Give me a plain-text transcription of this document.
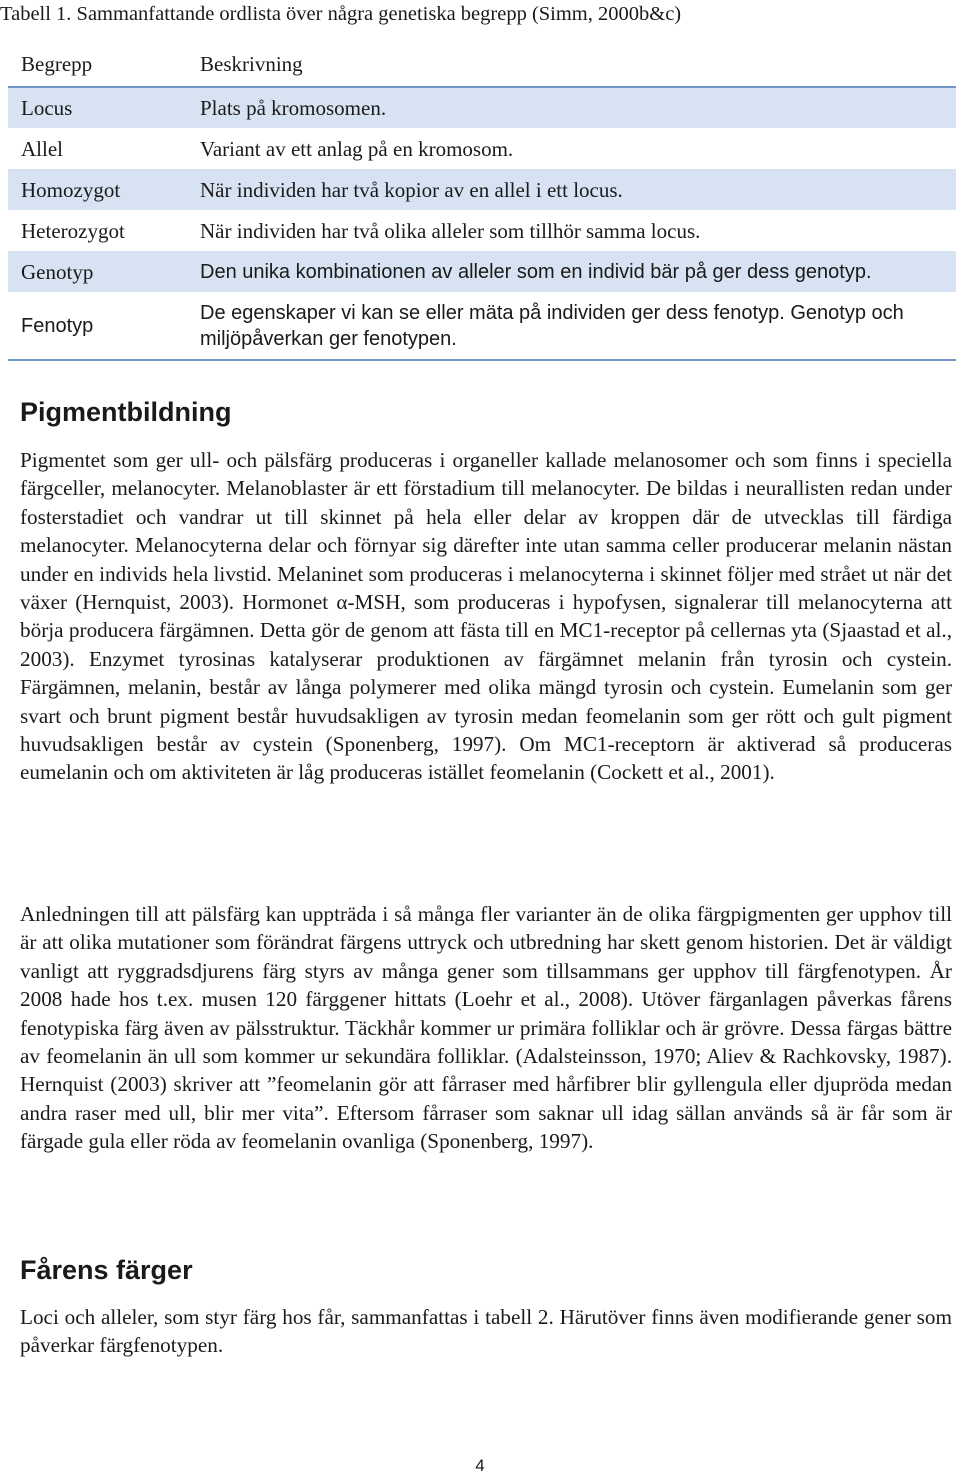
Tabell 1. Sammanfattande ordlista över några genetiska begrepp (Simm, 2000b&c)
Begrepp	Beskrivning
Locus	Plats på kromosomen.
Allel	Variant av ett anlag på en kromosom.
Homozygot	När individen har två kopior av en allel i ett locus.
Heterozygot	När individen har två olika alleler som tillhör samma locus.
Genotyp	Den unika kombinationen av alleler som en individ bär på ger dess genotyp.
Fenotyp	De egenskaper vi kan se eller mäta på individen ger dess fenotyp. Genotyp och miljöpåverkan ger fenotypen.
Pigmentbildning

Pigmentet som ger ull- och pälsfärg produceras i organeller kallade melanosomer och som finns i speciella färgceller, melanocyter. Melanoblaster är ett förstadium till melanocyter. De bildas i neurallisten redan under fosterstadiet och vandrar ut till skinnet på hela eller delar av kroppen där de utvecklas till färdiga melanocyter. Melanocyterna delar och förnyar sig därefter inte utan samma celler producerar melanin nästan under en individs hela livstid. Melaninet som produceras i melanocyterna i skinnet följer med strået ut när det växer (Hernquist, 2003). Hormonet α-MSH, som produceras i hypofysen, signalerar till melanocyterna att börja producera färgämnen. Detta gör de genom att fästa till en MC1-receptor på cellernas yta (Sjaastad et al., 2003). Enzymet tyrosinas katalyserar produktionen av färgämnet melanin från tyrosin och cystein. Färgämnen, melanin, består av långa polymerer med olika mängd tyrosin och cystein. Eumelanin som ger svart och brunt pigment består huvudsakligen av tyrosin medan feomelanin som ger rött och gult pigment huvudsakligen består av cystein (Sponenberg, 1997). Om MC1-receptorn är aktiverad så produceras eumelanin och om aktiviteten är låg produceras istället feomelanin (Cockett et al., 2001).

Anledningen till att pälsfärg kan uppträda i så många fler varianter än de olika färgpigmenten ger upphov till är att olika mutationer som förändrat färgens uttryck och utbredning har skett genom historien. Det är väldigt vanligt att ryggradsdjurens färg styrs av många gener som tillsammans ger upphov till färgfenotypen. År 2008 hade hos t.ex. musen 120 färggener hittats (Loehr et al., 2008). Utöver färganlagen påverkas fårens fenotypiska färg även av pälsstruktur. Täckhår kommer ur primära folliklar och är grövre. Dessa färgas bättre av feomelanin än ull som kommer ur sekundära folliklar. (Adalsteinsson, 1970; Aliev & Rachkovsky, 1987). Hernquist (2003) skriver att ”feomelanin gör att fårraser med hårfibrer blir gyllengula eller djupröda medan andra raser med ull, blir mer vita”. Eftersom fårraser som saknar ull idag sällan används så är får som är färgade gula eller röda av feomelanin ovanliga (Sponenberg, 1997).

Fårens färger

Loci och alleler, som styr färg hos får, sammanfattas i tabell 2. Härutöver finns även modifierande gener som påverkar färgfenotypen.

4
